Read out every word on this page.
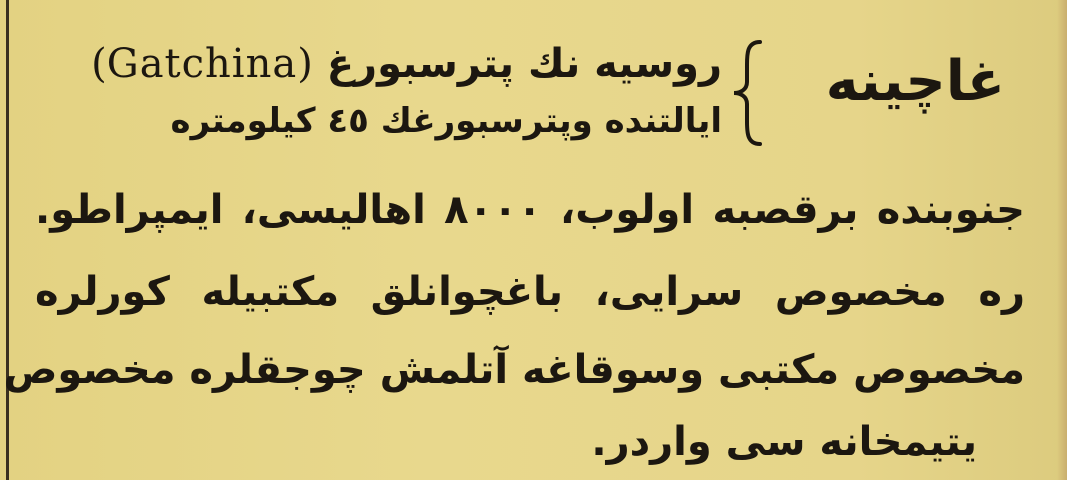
غاچينه
روسيه نك پترسبورغ (Gatchina)
ايالتنده وپترسبورغك ٤٥ كيلومتره
جنوبنده برقصبه اولوب، ٨٠٠٠ اهاليسى، ايمپراطو.
ره مخصوص سرايى، باغچوانلق مكتبيله كورلره
مخصوص مكتبى وسوقاغه آتلمش چوجقلره مخصوص
يتيمخانه سى واردر.
